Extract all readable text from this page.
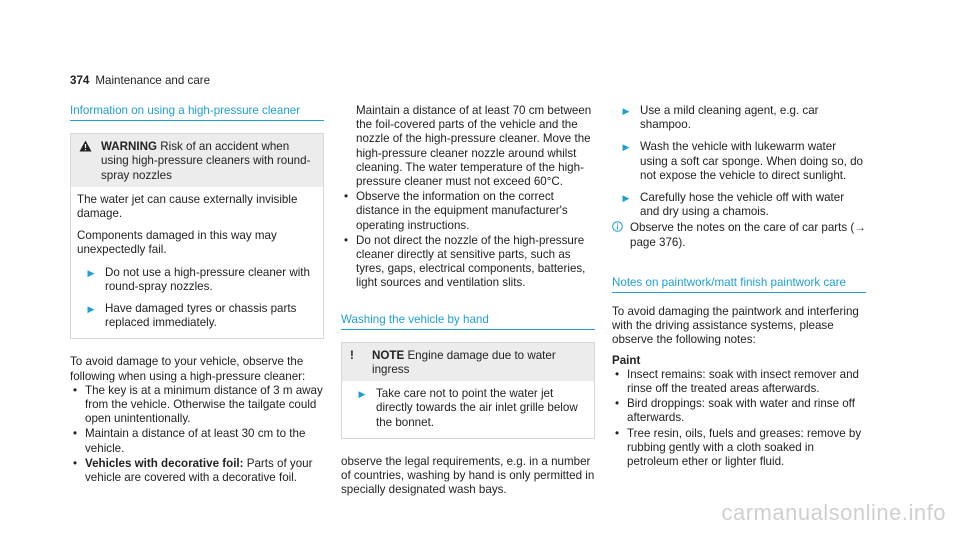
374 Maintenance and care
Information on using a high-pressure cleaner

WARNING Risk of an accident when using high-pressure cleaners with round-spray nozzles

The water jet can cause externally invisible damage.

Components damaged in this way may unexpectedly fail.

▶ Do not use a high-pressure cleaner with round-spray nozzles.
▶ Have damaged tyres or chassis parts replaced immediately.

To avoid damage to your vehicle, observe the following when using a high-pressure cleaner:

• The key is at a minimum distance of 3 m away from the vehicle. Otherwise the tailgate could open unintentionally.
• Maintain a distance of at least 30 cm to the vehicle.
• Vehicles with decorative foil: Parts of your vehicle are covered with a decorative foil.

Maintain a distance of at least 70 cm between the foil-covered parts of the vehicle and the nozzle of the high-pressure cleaner. Move the high-pressure cleaner nozzle around whilst cleaning. The water temperature of the high-pressure cleaner must not exceed 60°C.

• Observe the information on the correct distance in the equipment manufacturer's operating instructions.
• Do not direct the nozzle of the high-pressure cleaner directly at sensitive parts, such as tyres, gaps, electrical components, batteries, light sources and ventilation slits.
Washing the vehicle by hand
!	NOTE Engine damage due to water ingress

▶ Take care not to point the water jet directly towards the air inlet grille below the bonnet.

observe the legal requirements, e.g. in a number of countries, washing by hand is only permitted in specially designated wash bays.

▶ Use a mild cleaning agent, e.g. car shampoo.
▶ Wash the vehicle with lukewarm water using a soft car sponge. When doing so, do not expose the vehicle to direct sunlight.
▶ Carefully hose the vehicle off with water and dry using a chamois.
Observe the notes on the care of car parts (→ page 376).
Notes on paintwork/matt finish paintwork care

To avoid damaging the paintwork and interfering with the driving assistance systems, please observe the following notes:

Paint

• Insect remains: soak with insect remover and rinse off the treated areas afterwards.
• Bird droppings: soak with water and rinse off afterwards.
• Tree resin, oils, fuels and greases: remove by rubbing gently with a cloth soaked in petroleum ether or lighter fluid.
carmanualsonline.info
